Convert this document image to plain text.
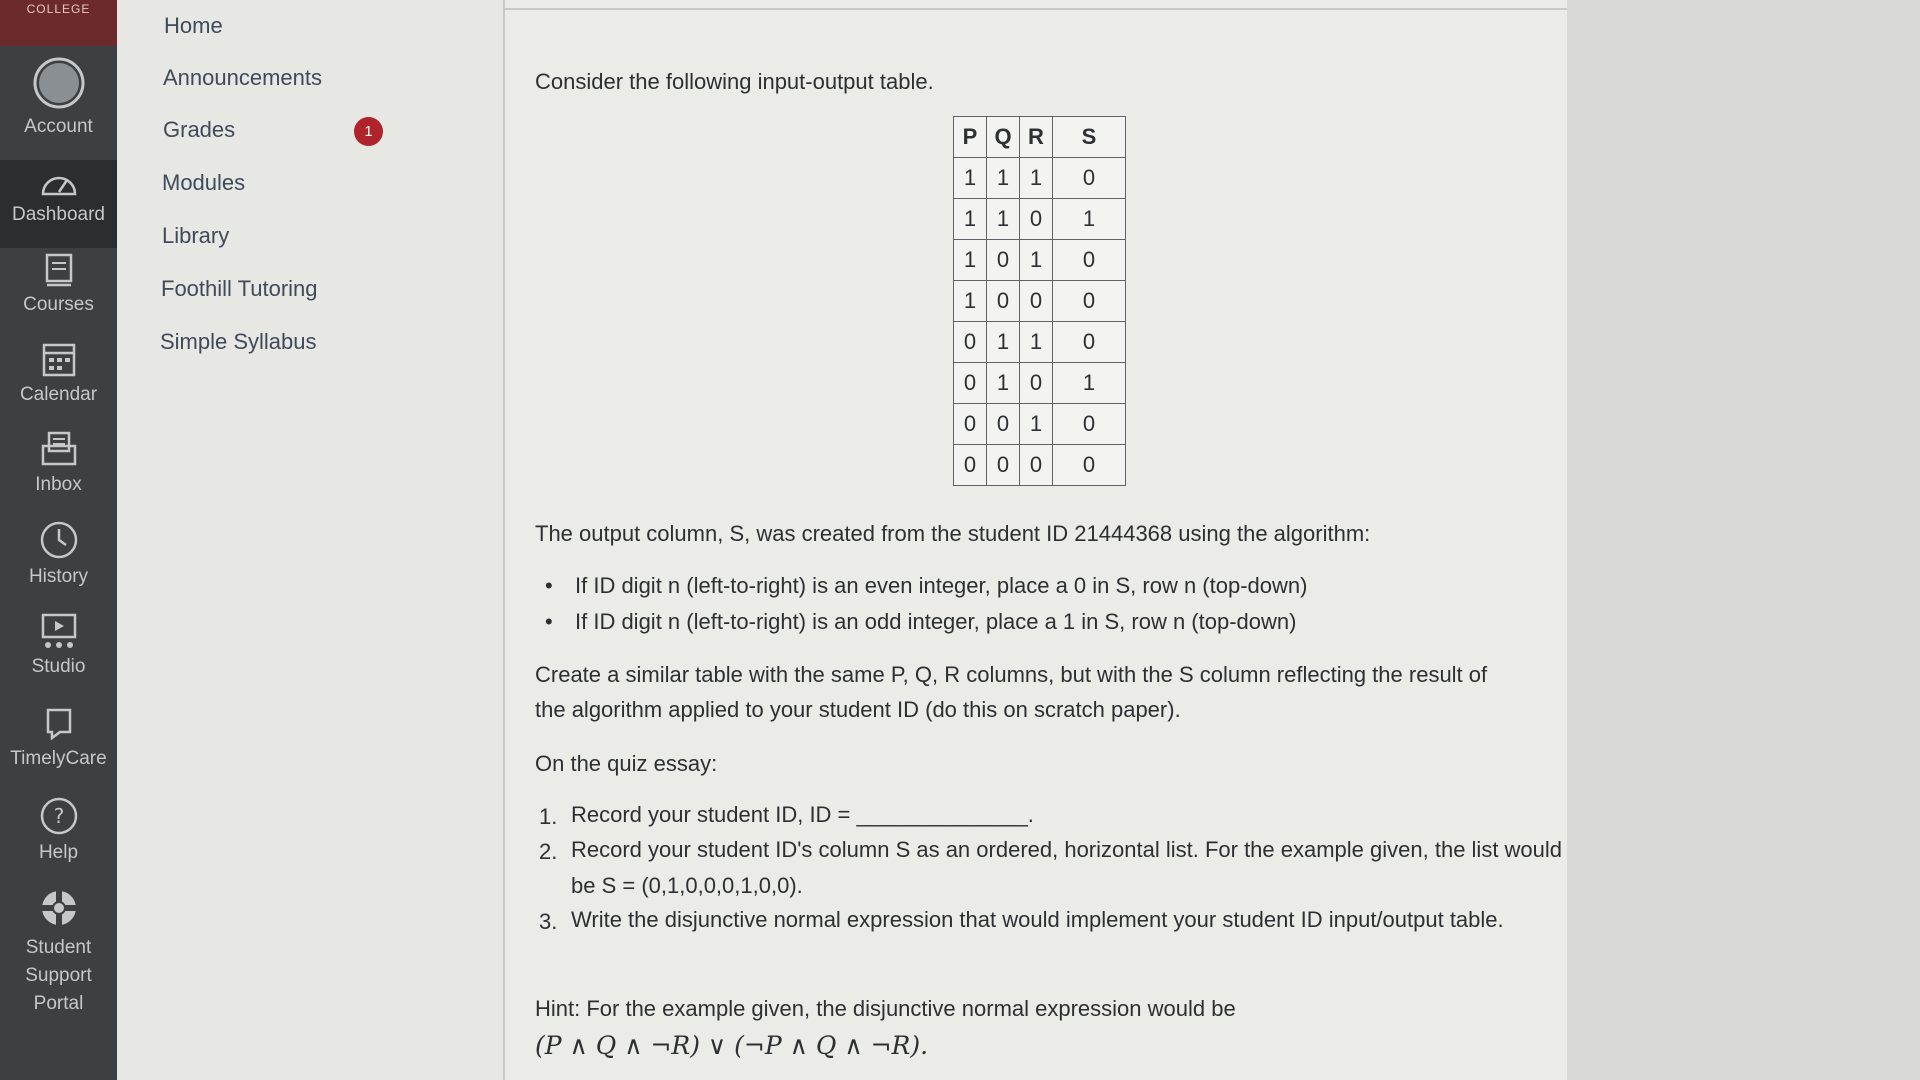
COLLEGE
Account
Dashboard
Courses
Calendar
Inbox
History
Studio
TimelyCare
?
Help
Student Support Portal
Home
Announcements
Grades	1
Modules
Library
Foothill Tutoring
Simple Syllabus
Consider the following input-output table.
P	Q	R	S
1	1	1	0
1	1	0	1
1	0	1	0
1	0	0	0
0	1	1	0
0	1	0	1
0	0	1	0
0	0	0	0
The output column, S, was created from the student ID 21444368 using the algorithm:
• If ID digit n (left-to-right) is an even integer, place a 0 in S, row n (top-down)
• If ID digit n (left-to-right) is an odd integer, place a 1 in S, row n (top-down)
Create a similar table with the same P, Q, R columns, but with the S column reflecting the result of
the algorithm applied to your student ID (do this on scratch paper).
On the quiz essay:
1. Record your student ID, ID = ______________.
2. Record your student ID's column S as an ordered, horizontal list. For the example given, the list would be S = (0,1,0,0,0,1,0,0).
3. Write the disjunctive normal expression that would implement your student ID input/output table.
Hint: For the example given, the disjunctive normal expression would be
(P ∧ Q ∧ ¬R) ∨ (¬P ∧ Q ∧ ¬R).
